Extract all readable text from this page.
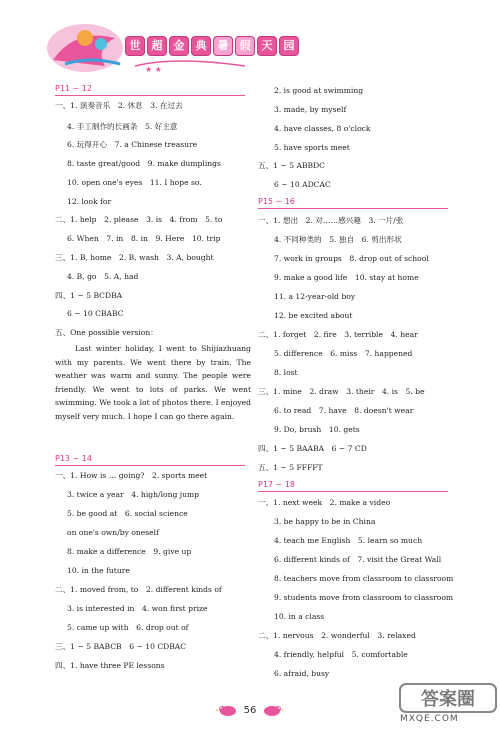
★ ★
世	超	金	典	暑	假	天	园
P11 ~ 12
一、1. 演奏音乐　2. 休息　3. 在过去
4. 手工制作的长画条　5. 好主意
6. 玩得开心　7. a Chinese treasure
8. taste great/good　9. make dumplings
10. open one's eyes　11. I hope so.
12. look for
二、1. help　2. please　3. is　4. from　5. to
6. When　7. in　8. in　9. Here　10. trip
三、1. B, home　2. B, wash　3. A, bought
4. B, go　5. A, had
四、1 ~ 5 BCDBA
6 ~ 10 CBABC
五、One possible version：
Last winter holiday, I went to Shijiazhuang with my parents. We went there by train. The weather was warm and sunny. The people were friendly. We went to lots of parks. We went swimming. We took a lot of photos there. I enjoyed myself very much. I hope I can go there again.
P13 ~ 14
一、1. How is … going?　2. sports meet
3. twice a year　4. high/long jump
5. be good at　6. social science
on one's own/by oneself
8. make a difference　9. give up
10. in the future
二、1. moved from, to　2. different kinds of
3. is interested in　4. won first prize
5. came up with　6. drop out of
三、1 ~ 5 BABCB　6 ~ 10 CDBAC
四、1. have three PE lessons
2. is good at swimming
3. made, by myself
4. have classes, 8 o'clock
5. have sports meet
五、1 ~ 5 ABBDC
6 ~ 10 ADCAC
P15 ~ 16
一、1. 想出　2. 对……感兴趣　3. 一片/张
4. 不同种类的　5. 独自　6. 剪出形状
7. work in groups　8. drop out of school
9. make a good life　10. stay at home
11. a 12-year-old boy
12. be excited about
二、1. forget　2. fire　3. terrible　4. hear
5. difference　6. miss　7. happened
8. lost
三、1. mine　2. draw　3. their　4. is　5. be
6. to read　7. have　8. doesn't wear
9. Do, brush　10. gets
四、1 ~ 5 BAABA　6 ~ 7 CD
五、1 ~ 5 FFFFT
P17 ~ 18
一、1. next week　2. make a video
3. be happy to be in China
4. teach me English　5. learn so much
6. different kinds of　7. visit the Great Wall
8. teachers move from classroom to classroom
9. students move from classroom to classroom
10. in a class
二、1. nervous　2. wonderful　3. relaxed
4. friendly, helpful　5. comfortable
6. afraid, busy
56	答案圈
MXQE.COM
